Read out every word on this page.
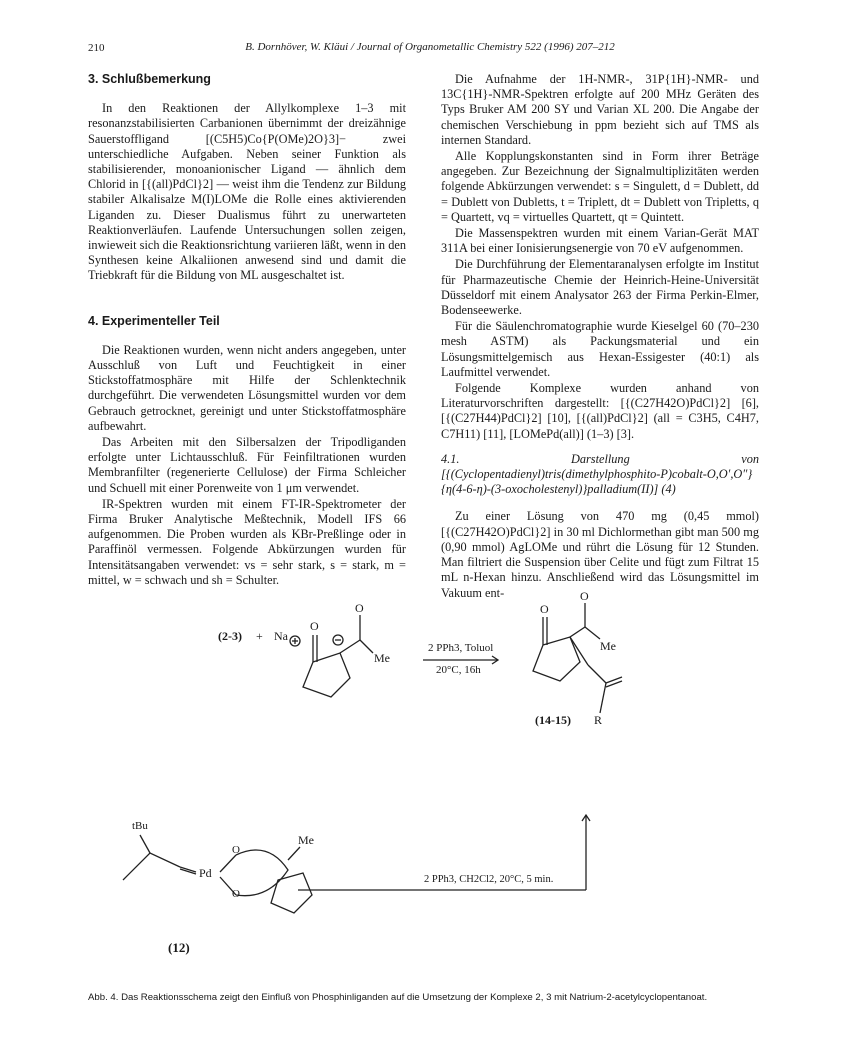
210	B. Dornhöver, W. Kläui / Journal of Organometallic Chemistry 522 (1996) 207–212
3. Schlußbemerkung

In den Reaktionen der Allylkomplexe 1–3 mit resonanzstabilisierten Carbanionen übernimmt der dreizähnige Sauerstoffligand [(C5H5)Co{P(OMe)2O}3]− zwei unterschiedliche Aufgaben. Neben seiner Funktion als stabilisierender, monoanionischer Ligand — ähnlich dem Chlorid in [{(all)PdCl}2] — weist ihm die Tendenz zur Bildung stabiler Alkalisalze M(I)LOMe die Rolle eines aktivierenden Liganden zu. Dieser Dualismus führt zu unerwarteten Reaktionverläufen. Laufende Untersuchungen sollen zeigen, inwieweit sich die Reaktionsrichtung variieren läßt, wenn in den Synthesen keine Alkaliionen anwesend sind und damit die Triebkraft für die Bildung von ML ausgeschaltet ist.

4. Experimenteller Teil

Die Reaktionen wurden, wenn nicht anders angegeben, unter Ausschluß von Luft und Feuchtigkeit in einer Stickstoffatmosphäre mit Hilfe der Schlenktechnik durchgeführt. Die verwendeten Lösungsmittel wurden vor dem Gebrauch getrocknet, gereinigt und unter Stickstoffatmosphäre aufbewahrt.

Das Arbeiten mit den Silbersalzen der Tripodliganden erfolgte unter Lichtausschluß. Für Feinfiltrationen wurden Membranfilter (regenerierte Cellulose) der Firma Schleicher und Schuell mit einer Porenweite von 1 μm verwendet.

IR-Spektren wurden mit einem FT-IR-Spektrometer der Firma Bruker Analytische Meßtechnik, Modell IFS 66 aufgenommen. Die Proben wurden als KBr-Preßlinge oder in Paraffinöl vermessen. Folgende Abkürzungen wurden für Intensitätsangaben verwendet: vs = sehr stark, s = stark, m = mittel, w = schwach und sh = Schulter.

Die Aufnahme der 1H-NMR-, 31P{1H}-NMR- und 13C{1H}-NMR-Spektren erfolgte auf 200 MHz Geräten des Typs Bruker AM 200 SY und Varian XL 200. Die Angabe der chemischen Verschiebung in ppm bezieht sich auf TMS als internen Standard.

Alle Kopplungskonstanten sind in Form ihrer Beträge angegeben. Zur Bezeichnung der Signalmultiplizitäten werden folgende Abkürzungen verwendet: s = Singulett, d = Dublett, dd = Dublett von Dubletts, t = Triplett, dt = Dublett von Tripletts, q = Quartett, vq = virtuelles Quartett, qt = Quintett.

Die Massenspektren wurden mit einem Varian-Gerät MAT 311A bei einer Ionisierungsenergie von 70 eV aufgenommen.

Die Durchführung der Elementaranalysen erfolgte im Institut für Pharmazeutische Chemie der Heinrich-Heine-Universität Düsseldorf mit einem Analysator 263 der Firma Perkin-Elmer, Bodenseewerke.

Für die Säulenchromatographie wurde Kieselgel 60 (70–230 mesh ASTM) als Packungsmaterial und ein Lösungsmittelgemisch aus Hexan-Essigester (40:1) als Laufmittel verwendet.

Folgende Komplexe wurden anhand von Literaturvorschriften dargestellt: [{(C27H42O)PdCl}2] [6], [{(C27H44)PdCl}2] [10], [{(all)PdCl}2] (all = C3H5, C4H7, C7H11) [11], [LOMePd(all)] (1–3) [3].

4.1. Darstellung von [{(Cyclopentadienyl)tris(dimethylphosphito-P)cobalt-O,O′,O″}{η(4-6-η)-(3-oxocholestenyl)}palladium(II)] (4)

Zu einer Lösung von 470 mg (0,45 mmol) [{(C27H42O)PdCl}2] in 30 ml Dichlormethan gibt man 500 mg (0,90 mmol) AgLOMe und rührt die Lösung für 12 Stunden. Man filtriert die Suspension über Celite und fügt zum Filtrat 15 mL n-Hexan hinzu. Anschließend wird das Lösungsmittel im Vakuum ent-

(2-3) + Na
O
O
Me
2 PPh3, Toluol
20°C, 16h
O
O
Me
(14-15) R
tBu
Pd
O
O
Me
(12)
2 PPh3, CH2Cl2, 20°C, 5 min.
Abb. 4. Das Reaktionsschema zeigt den Einfluß von Phosphinliganden auf die Umsetzung der Komplexe 2, 3 mit Natrium-2-acetylcyclopentanoat.
